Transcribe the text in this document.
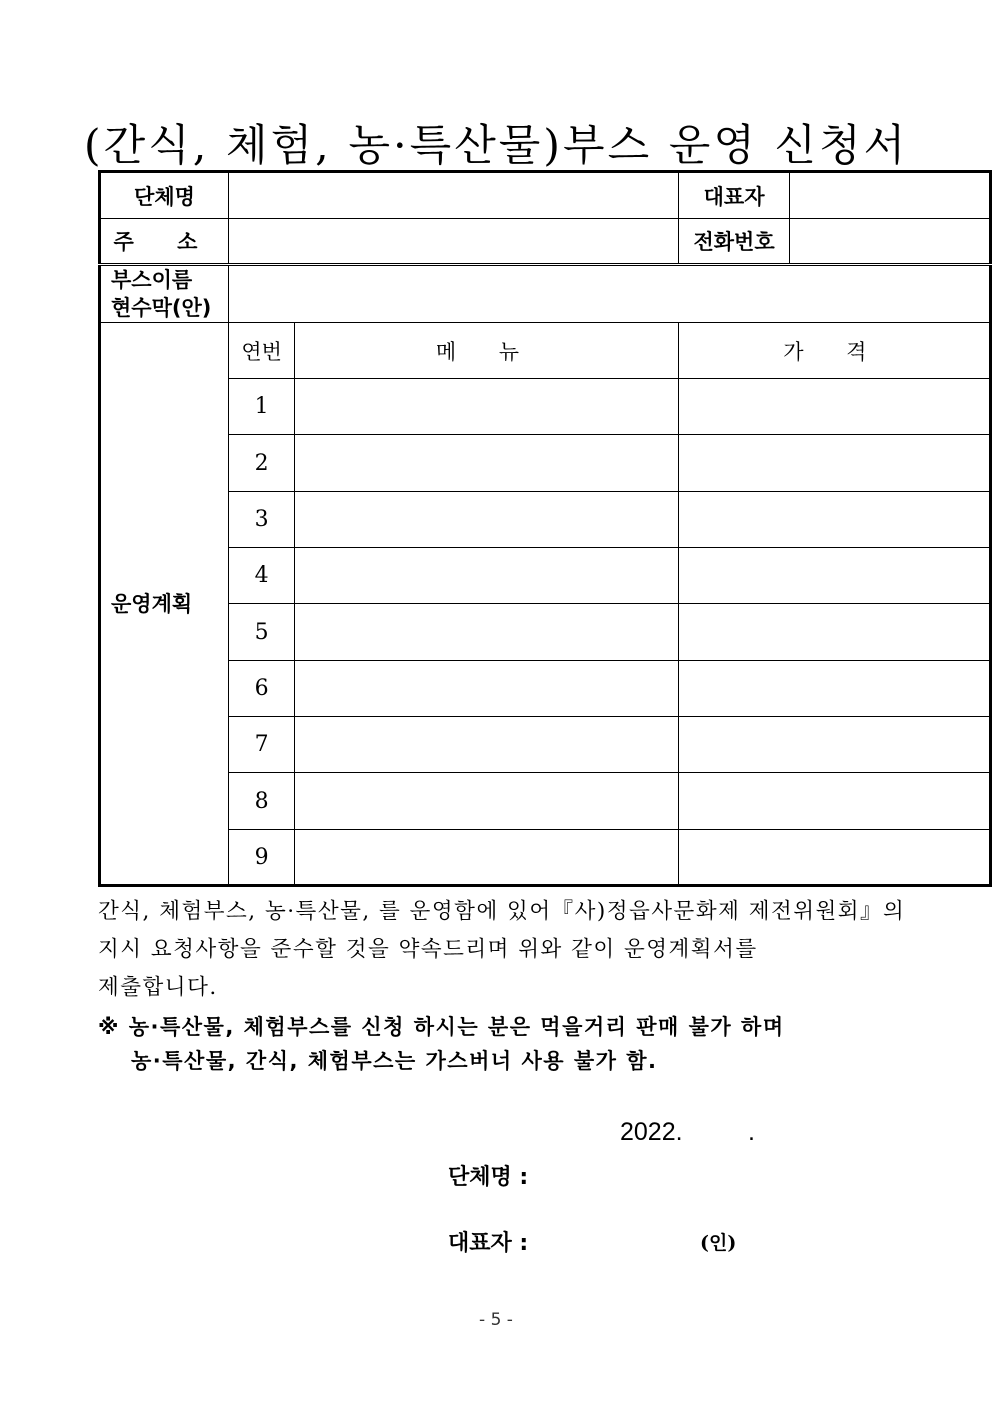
(간식, 체험, 농·특산물)부스 운영 신청서
단체명			대표자	
주 소			전화번호	

부스이름
현수막(안)				

운영계획	연번	메 뉴	가 격	
	1			
	2			
	3			
	4			
	5			
	6			
	7			
	8			
	9			
간식, 체험부스, 농·특산물, 를 운영함에 있어『사)정읍사문화제 제전위원회』의
지시 요청사항을 준수할 것을 약속드리며 위와 같이 운영계획서를
제출합니다.
※ 농·특산물, 체험부스를 신청 하시는 분은 먹을거리 판매 불가 하며
농·특산물, 간식, 체험부스는 가스버너 사용 불가 함.
2022.	.
단체명 :
대표자 :	(인)
- 5 -
